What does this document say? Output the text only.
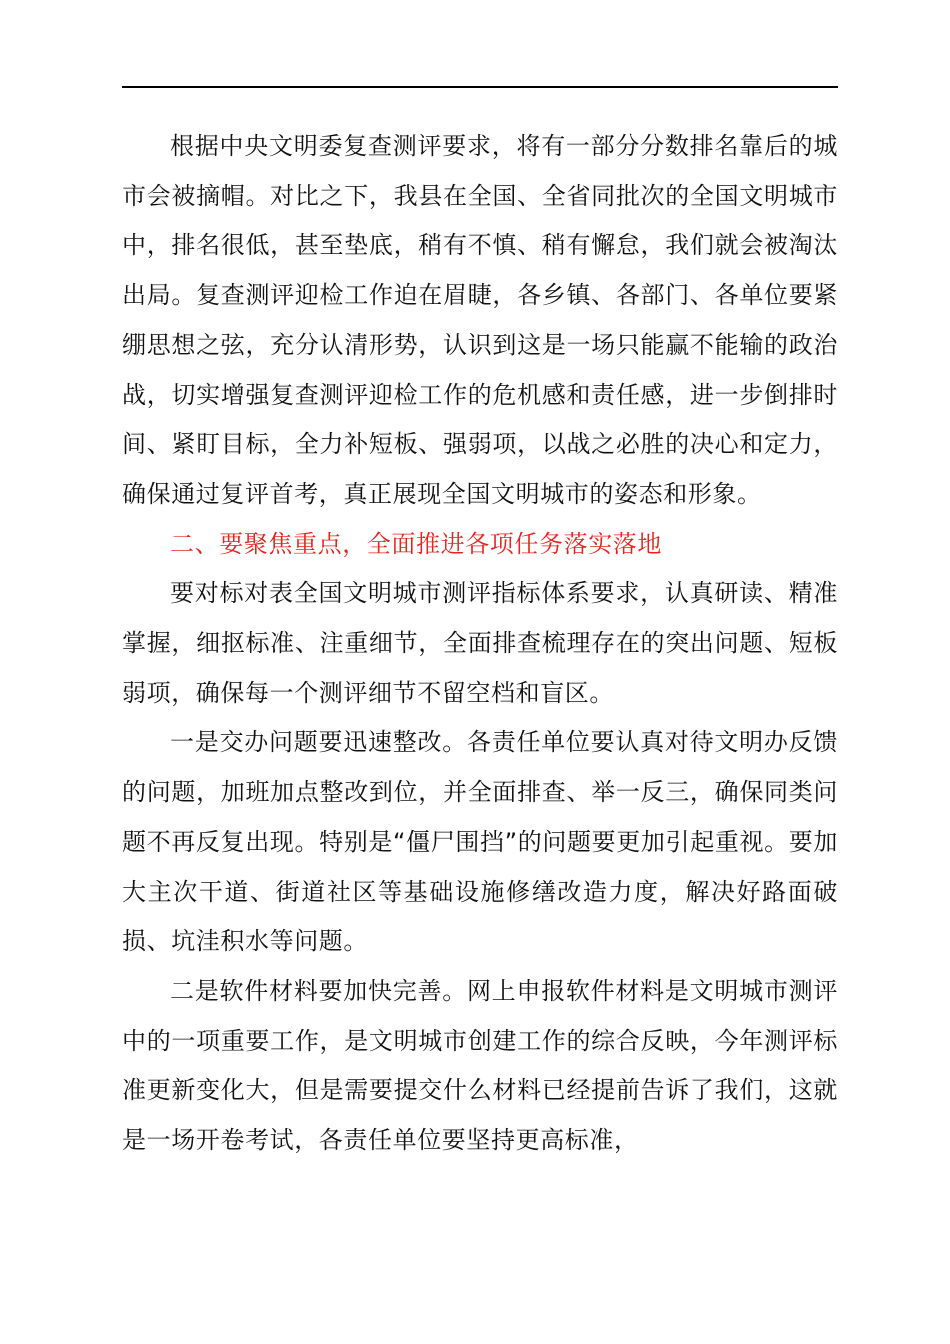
根据中央文明委复查测评要求，将有一部分分数排名靠后的城市会被摘帽。对比之下，我县在全国、全省同批次的全国文明城市中，排名很低，甚至垫底，稍有不慎、稍有懈怠，我们就会被淘汰出局。复查测评迎检工作迫在眉睫，各乡镇、各部门、各单位要紧绷思想之弦，充分认清形势，认识到这是一场只能赢不能输的政治战，切实增强复查测评迎检工作的危机感和责任感，进一步倒排时间、紧盯目标，全力补短板、强弱项，以战之必胜的决心和定力，确保通过复评首考，真正展现全国文明城市的姿态和形象。

二、要聚焦重点，全面推进各项任务落实落地

要对标对表全国文明城市测评指标体系要求，认真研读、精准掌握，细抠标准、注重细节，全面排查梳理存在的突出问题、短板弱项，确保每一个测评细节不留空档和盲区。

一是交办问题要迅速整改。各责任单位要认真对待文明办反馈的问题，加班加点整改到位，并全面排查、举一反三，确保同类问题不再反复出现。特别是“僵尸围挡”的问题要更加引起重视。要加大主次干道、街道社区等基础设施修缮改造力度，解决好路面破损、坑洼积水等问题。

二是软件材料要加快完善。网上申报软件材料是文明城市测评中的一项重要工作，是文明城市创建工作的综合反映，今年测评标准更新变化大，但是需要提交什么材料已经提前告诉了我们，这就是一场开卷考试，各责任单位要坚持更高标准，
